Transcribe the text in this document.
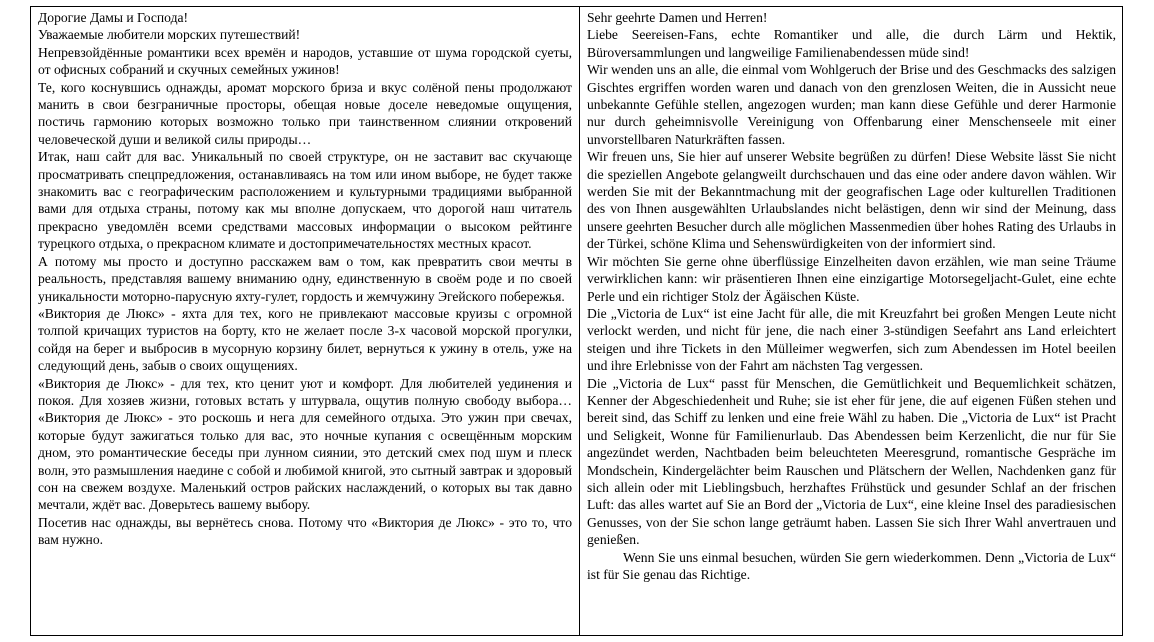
Дорогие Дамы и Господа!

Уважаемые любители морских путешествий!

Непревзойдённые романтики всех времён и народов, уставшие от шума городской суеты, от офисных собраний и скучных семейных ужинов!

Те, кого коснувшись однажды, аромат морского бриза и вкус солёной пены продолжают манить в свои безграничные просторы, обещая новые доселе неведомые ощущения, постичь гармонию которых возможно только при таинственном слиянии откровений человеческой души и великой силы природы…

Итак, наш сайт для вас. Уникальный по своей структуре, он не заставит вас скучающе просматривать спецпредложения, останавливаясь на том или ином выборе, не будет также знакомить вас с географическим расположением и культурными традициями выбранной вами для отдыха страны, потому как мы вполне допускаем, что дорогой наш читатель прекрасно уведомлён всеми средствами массовых информации о высоком рейтинге турецкого отдыха, о прекрасном климате и достопримечательностях местных красот.

А потому мы просто и доступно расскажем вам о том, как превратить свои мечты в реальность, представляя вашему вниманию одну, единственную в своём роде и по своей уникальности моторно-парусную яхту-гулет, гордость и жемчужину Эгейского побережья.

«Виктория де Люкс» - яхта для тех, кого не привлекают массовые круизы с огромной толпой кричащих туристов на борту, кто не желает после 3-х часовой морской прогулки, сойдя на берег и выбросив в мусорную корзину билет, вернуться к ужину в отель, уже на следующий день, забыв о своих ощущениях.

«Виктория де Люкс» - для тех, кто ценит уют и комфорт. Для любителей уединения и покоя. Для хозяев жизни, готовых встать у штурвала, ощутив полную свободу выбора… «Виктория де Люкс» - это роскошь и нега для семейного отдыха. Это ужин при свечах, которые будут зажигаться только для вас, это ночные купания с освещённым морским дном, это романтические беседы при лунном сиянии, это детский смех под шум и плеск волн, это размышления наедине с собой и любимой книгой, это сытный завтрак и здоровый сон на свежем воздухе. Маленький остров райских наслаждений, о которых вы так давно мечтали, ждёт вас. Доверьтесь вашему выбору.

Посетив нас однажды, вы вернётесь снова. Потому что «Виктория де Люкс» - это то, что вам нужно.

Sehr geehrte Damen und Herren!

Liebe Seereisen-Fans, echte Romantiker und alle, die durch Lärm und Hektik, Büroversammlungen und langweilige Familienabendessen müde sind!

Wir wenden uns an alle, die einmal vom Wohlgeruch der Brise und des Geschmacks des salzigen Gischtes ergriffen worden waren und danach von den grenzlosen Weiten, die in Aussicht neue unbekannte Gefühle stellen, angezogen wurden; man kann diese Gefühle und derer Harmonie nur durch geheimnisvolle Vereinigung von Offenbarung einer Menschenseele mit einer unvorstellbaren Naturkräften fassen.

Wir freuen uns, Sie hier auf unserer Website begrüßen zu dürfen! Diese Website lässt Sie nicht die speziellen Angebote gelangweilt durchschauen und das eine oder andere davon wählen. Wir werden Sie mit der Bekanntmachung mit der geografischen Lage oder kulturellen Traditionen des von Ihnen ausgewählten Urlaubslandes nicht belästigen, denn wir sind der Meinung, dass unsere geehrten Besucher durch alle möglichen Massenmedien über hohes Rating des Urlaubs in der Türkei, schöne Klima und Sehenswürdigkeiten von der informiert sind.

Wir möchten Sie gerne ohne überflüssige Einzelheiten davon erzählen, wie man seine Träume verwirklichen kann: wir präsentieren Ihnen eine einzigartige Motorsegeljacht-Gulet, eine echte Perle und ein richtiger Stolz der Ägäischen Küste.

Die „Victoria de Lux“ ist eine Jacht für alle, die mit Kreuzfahrt bei großen Mengen Leute nicht verlockt werden, und nicht für jene, die nach einer 3-stündigen Seefahrt ans Land erleichtert steigen und ihre Tickets in den Mülleimer wegwerfen, sich zum Abendessen im Hotel beeilen und ihre Erlebnisse von der Fahrt am nächsten Tag vergessen.

Die „Victoria de Lux“ passt für Menschen, die Gemütlichkeit und Bequemlichkeit schätzen, Kenner der Abgeschiedenheit und Ruhe; sie ist eher für jene, die auf eigenen Füßen stehen und bereit sind, das Schiff zu lenken und eine freie Wähl zu haben. Die „Victoria de Lux“ ist Pracht und Seligkeit, Wonne für Familienurlaub. Das Abendessen beim Kerzenlicht, die nur für Sie angezündet werden, Nachtbaden beim beleuchteten Meeresgrund, romantische Gespräche im Mondschein, Kindergelächter beim Rauschen und Plätschern der Wellen, Nachdenken ganz für sich allein oder mit Lieblingsbuch, herzhaftes Frühstück und gesunder Schlaf an der frischen Luft: das alles wartet auf Sie an Bord der „Victoria de Lux“, eine kleine Insel des paradiesischen Genusses, von der Sie schon lange geträumt haben. Lassen Sie sich Ihrer Wahl anvertrauen und genießen.

Wenn Sie uns einmal besuchen, würden Sie gern wiederkommen. Denn „Victoria de Lux“ ist für Sie genau das Richtige.
